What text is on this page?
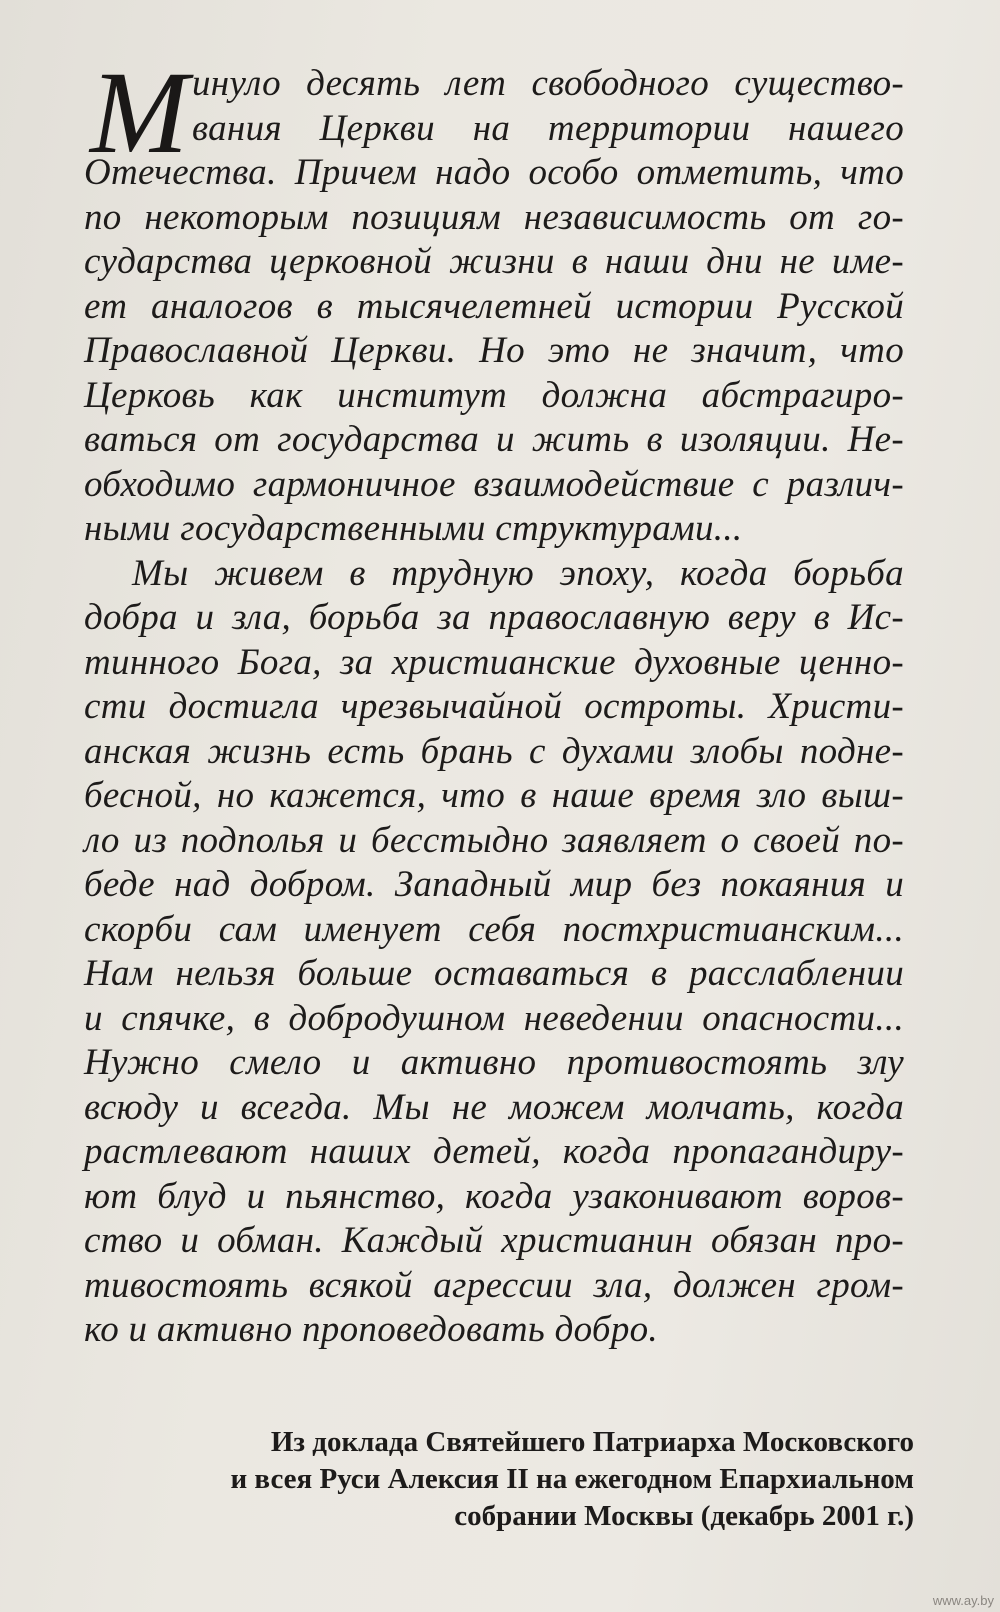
М инуло десять лет свободного существо-
вания Церкви на территории нашего
Отечества. Причем надо особо отметить, что
по некоторым позициям независимость от го-
сударства церковной жизни в наши дни не име-
ет аналогов в тысячелетней истории Русской
Православной Церкви. Но это не значит, что
Церковь как институт должна абстрагиро-
ваться от государства и жить в изоляции. Не-
обходимо гармоничное взаимодействие с различ-
ными государственными структурами...
Мы живем в трудную эпоху, когда борьба
добра и зла, борьба за православную веру в Ис-
тинного Бога, за христианские духовные ценно-
сти достигла чрезвычайной остроты. Христи-
анская жизнь есть брань с духами злобы подне-
бесной, но кажется, что в наше время зло выш-
ло из подполья и бесстыдно заявляет о своей по-
беде над добром. Западный мир без покаяния и
скорби сам именует себя постхристианским...
Нам нельзя больше оставаться в расслаблении
и спячке, в добродушном неведении опасности...
Нужно смело и активно противостоять злу
всюду и всегда. Мы не можем молчать, когда
растлевают наших детей, когда пропагандиру-
ют блуд и пьянство, когда узаконивают воров-
ство и обман. Каждый христианин обязан про-
тивостоять всякой агрессии зла, должен гром-
ко и активно проповедовать добро.
Из доклада Святейшего Патриарха Московского
и всея Руси Алексия II на ежегодном Епархиальном
собрании Москвы (декабрь 2001 г.)
www.ay.by
